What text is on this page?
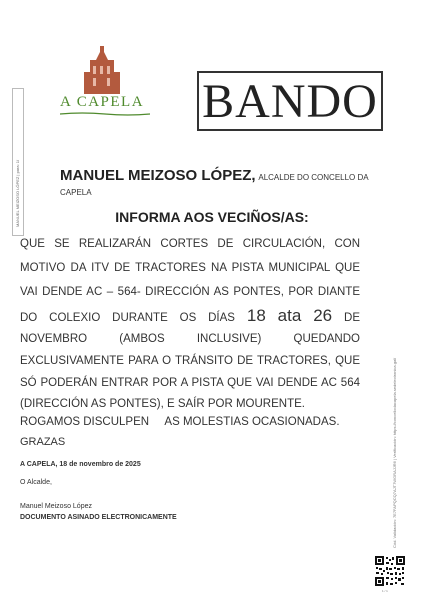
A CAPELA BANDO
MANUEL MEIZOSO LÓPEZ | para: 1/
Cód. Validación: 7E7FAPQCQ7AJT7WGRAJJR6 | Verificación: https://concellodacapela.sedelectronica.gal/
MANUEL MEIZOSO LÓPEZ, ALCALDE DO CONCELLO DA CAPELA
INFORMA AOS VECIÑOS/AS:
QUE SE REALIZARÁN CORTES DE CIRCULACIÓN, CON
MOTIVO DA ITV DE TRACTORES NA PISTA MUNICIPAL QUE
VAI DENDE AC – 564- DIRECCIÓN AS PONTES, POR DIANTE
DO COLEXIO DURANTE OS DÍAS 18 ata 26 DE
NOVEMBRO (AMBOS INCLUSIVE) QUEDANDO
EXCLUSIVAMENTE PARA O TRÁNSITO DE TRACTORES, QUE
SÓ PODERÁN ENTRAR POR A PISTA QUE VAI DENDE AC 564
(DIRECCIÓN AS PONTES), E SAÍR POR MOURENTE.
ROGAMOS DISCULPEN     AS MOLESTIAS OCASIONADAS.
GRAZAS
A CAPELA, 18 de novembro de 2025
O Alcalde,
Manuel Meizoso López
DOCUMENTO ASINADO ELECTRONICAMENTE
1 / 1
